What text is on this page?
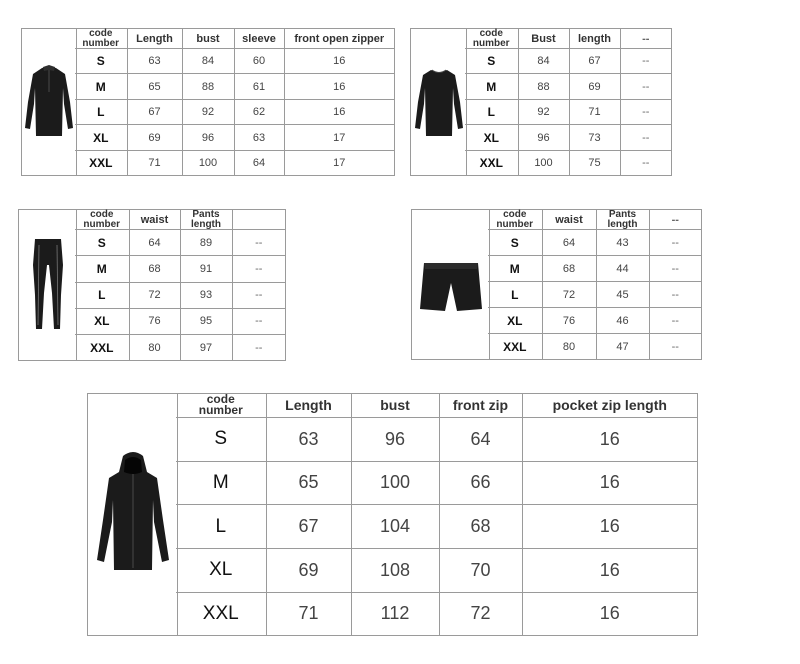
code
number	Length	bust	sleeve	front open zipper
S	63	84	60	16
M	65	88	61	16
L	67	92	62	16
XL	69	96	63	17
XXL	71	100	64	17
code
number	Bust	length	--
S	84	67	--
M	88	69	--
L	92	71	--
XL	96	73	--
XXL	100	75	--
code
number	waist	Pants
length	
S	64	89	--
M	68	91	--
L	72	93	--
XL	76	95	--
XXL	80	97	--
code
number	waist	Pants
length	--
S	64	43	--
M	68	44	--
L	72	45	--
XL	76	46	--
XXL	80	47	--
code
number	Length	bust	front zip	pocket zip length
S	63	96	64	16
M	65	100	66	16
L	67	104	68	16
XL	69	108	70	16
XXL	71	112	72	16
